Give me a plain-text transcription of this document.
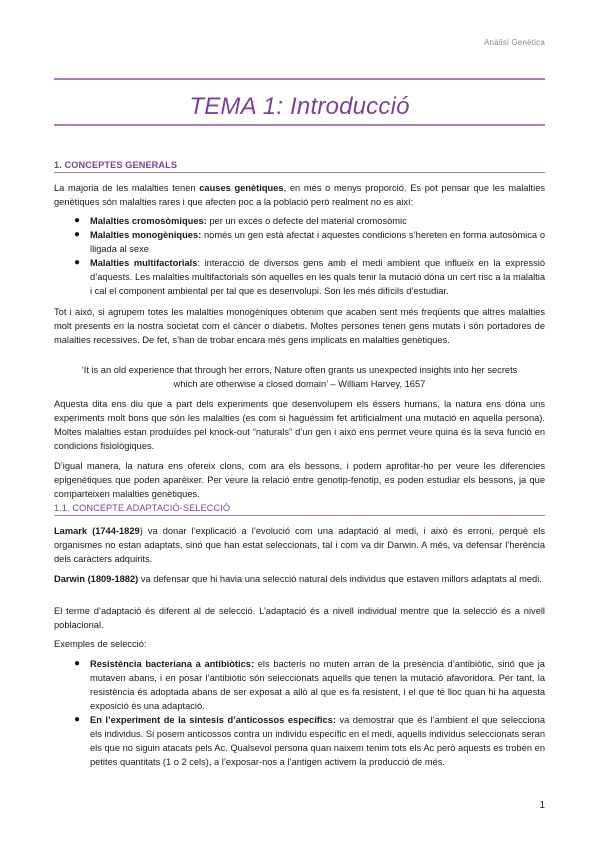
Anàlisi Genètica
TEMA 1: Introducció
1. CONCEPTES GENERALS
La majoria de les malalties tenen causes genètiques, en més o menys proporció. Es pot pensar que les malalties genètiques són malalties rares i que afecten poc a la població però realment no es així:
● Malalties cromosòmiques: per un excés o defecte del material cromosòmic
● Malalties monogèniques: només un gen està afectat i aquestes condicions s’hereten en forma autosòmica o lligada al sexe
● Malalties multifactorials: interacció de diversos gens amb el medi ambient que influeix en la expressió d’aquests. Les malalties multifactorials són aquelles en les quals tenir la mutació dóna un cert risc a la malaltia i cal el component ambiental per tal que es desenvolupi. Son les més difícils d’estudiar.
Tot i això, si agrupem totes les malalties monogèniques obtenim que acaben sent més freqüents que altres malalties molt presents en la nostra societat com el càncer o diabetis. Moltes persones tenen gens mutats i són portadores de malalties recessives. De fet, s’han de trobar encara més gens implicats en malalties genètiques.
‘It is an old experience that through her errors, Nature often grants us unexpected insights into her secrets
which are otherwise a closed domain’ – William Harvey, 1657
Aquesta dita ens diu que a part dels experiments que desenvolupem els éssers humans, la natura ens dóna uns experiments molt bons que són les malalties (es com si haguéssim fet artificialment una mutació en aquella persona). Moltes malalties estan produïdes pel knock-out “naturals” d’un gen i això ens permet veure quina és la seva funció en condicions fisiològiques.
D’igual manera, la natura ens ofereix clons, com ara els bessons, i podem aprofitar-ho per veure les diferencies epigenètiques que poden aparèixer. Per veure la relació entre genotip-fenotip, es poden estudiar els bessons, ja que comparteixen malalties genètiques.
1.1. CONCEPTE ADAPTACIÓ-SELECCIÓ
Lamark (1744-1829) va donar l’explicació a l’evolució com una adaptació al medi, i això és erroni, perquè els organismes no estan adaptats, sinó que han estat seleccionats, tal i com va dir Darwin. A més, va defensar l’herència dels caràcters adquirits.
Darwin (1809-1882) va defensar que hi havia una selecció natural dels individus que estaven millors adaptats al medi.
El terme d’adaptació és diferent al de selecció. L’adaptació és a nivell individual mentre que la selecció és a nivell poblacional.
Exemples de selecció:
● Resistència bacteriana a antibiòtics: els bacteris no muten arran de la presència d’antibiòtic, sinó que ja mutaven abans, i en posar l’antibiòtic són seleccionats aquells que tenen la mutació afavoridora. Per tant, la resistència és adoptada abans de ser exposat a allò al que es fa resistent, i el que té lloc quan hi ha aquesta exposició és una adaptació.
● En l’experiment de la síntesis d’anticossos específics: va demostrar que és l’ambient el que selecciona els individus. Si posem anticossos contra un individu específic en el medi, aquells individus seleccionats seran els que no siguin atacats pels Ac. Qualsevol persona quan naixem tenim tots els Ac però aquests es troben en petites quantitats (1 o 2 cels), a l’exposar-nos a l’antigen activem la producció de més.
1
